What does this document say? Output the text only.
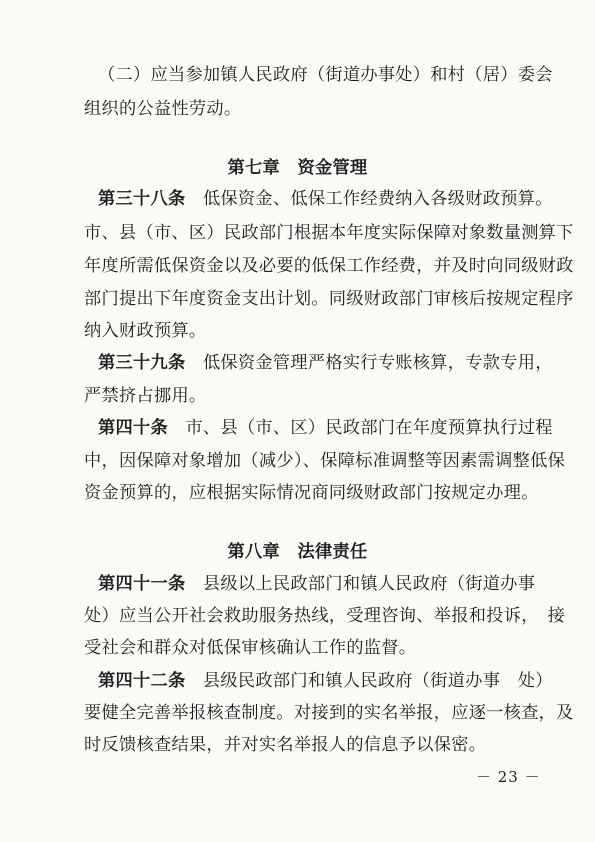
（二）应当参加镇人民政府（街道办事处）和村（居）委会
组织的公益性劳动。
第七章　资金管理
第三十八条　低保资金、低保工作经费纳入各级财政预算。
市、县（市、区）民政部门根据本年度实际保障对象数量测算下
年度所需低保资金以及必要的低保工作经费，并及时向同级财政
部门提出下年度资金支出计划。同级财政部门审核后按规定程序
纳入财政预算。
第三十九条　低保资金管理严格实行专账核算，专款专用，
严禁挤占挪用。
第四十条　市、县（市、区）民政部门在年度预算执行过程
中，因保障对象增加（减少）、保障标准调整等因素需调整低保
资金预算的，应根据实际情况商同级财政部门按规定办理。
第八章　法律责任
第四十一条　县级以上民政部门和镇人民政府（街道办事
处）应当公开社会救助服务热线，受理咨询、举报和投诉，　接
受社会和群众对低保审核确认工作的监督。
第四十二条　县级民政部门和镇人民政府（街道办事　处）
要健全完善举报核查制度。对接到的实名举报，应逐一核查，及
时反馈核查结果，并对实名举报人的信息予以保密。
－ 23 －
